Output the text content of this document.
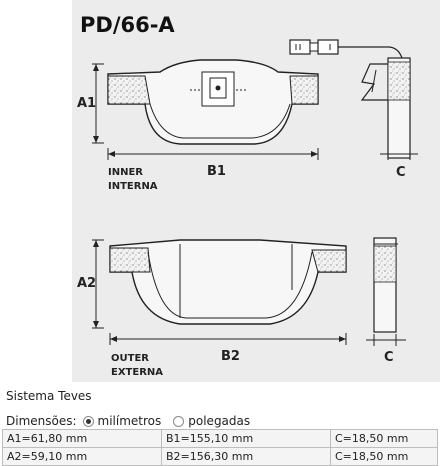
PD/66-A
A1
INNER
INTERNA
B1	C
A2
OUTER
EXTERNA
B2	C
Sistema Teves
Dimensões: milímetros polegadas
A1=61,80 mm	B1=155,10 mm	C=18,50 mm
A2=59,10 mm	B2=156,30 mm	C=18,50 mm
